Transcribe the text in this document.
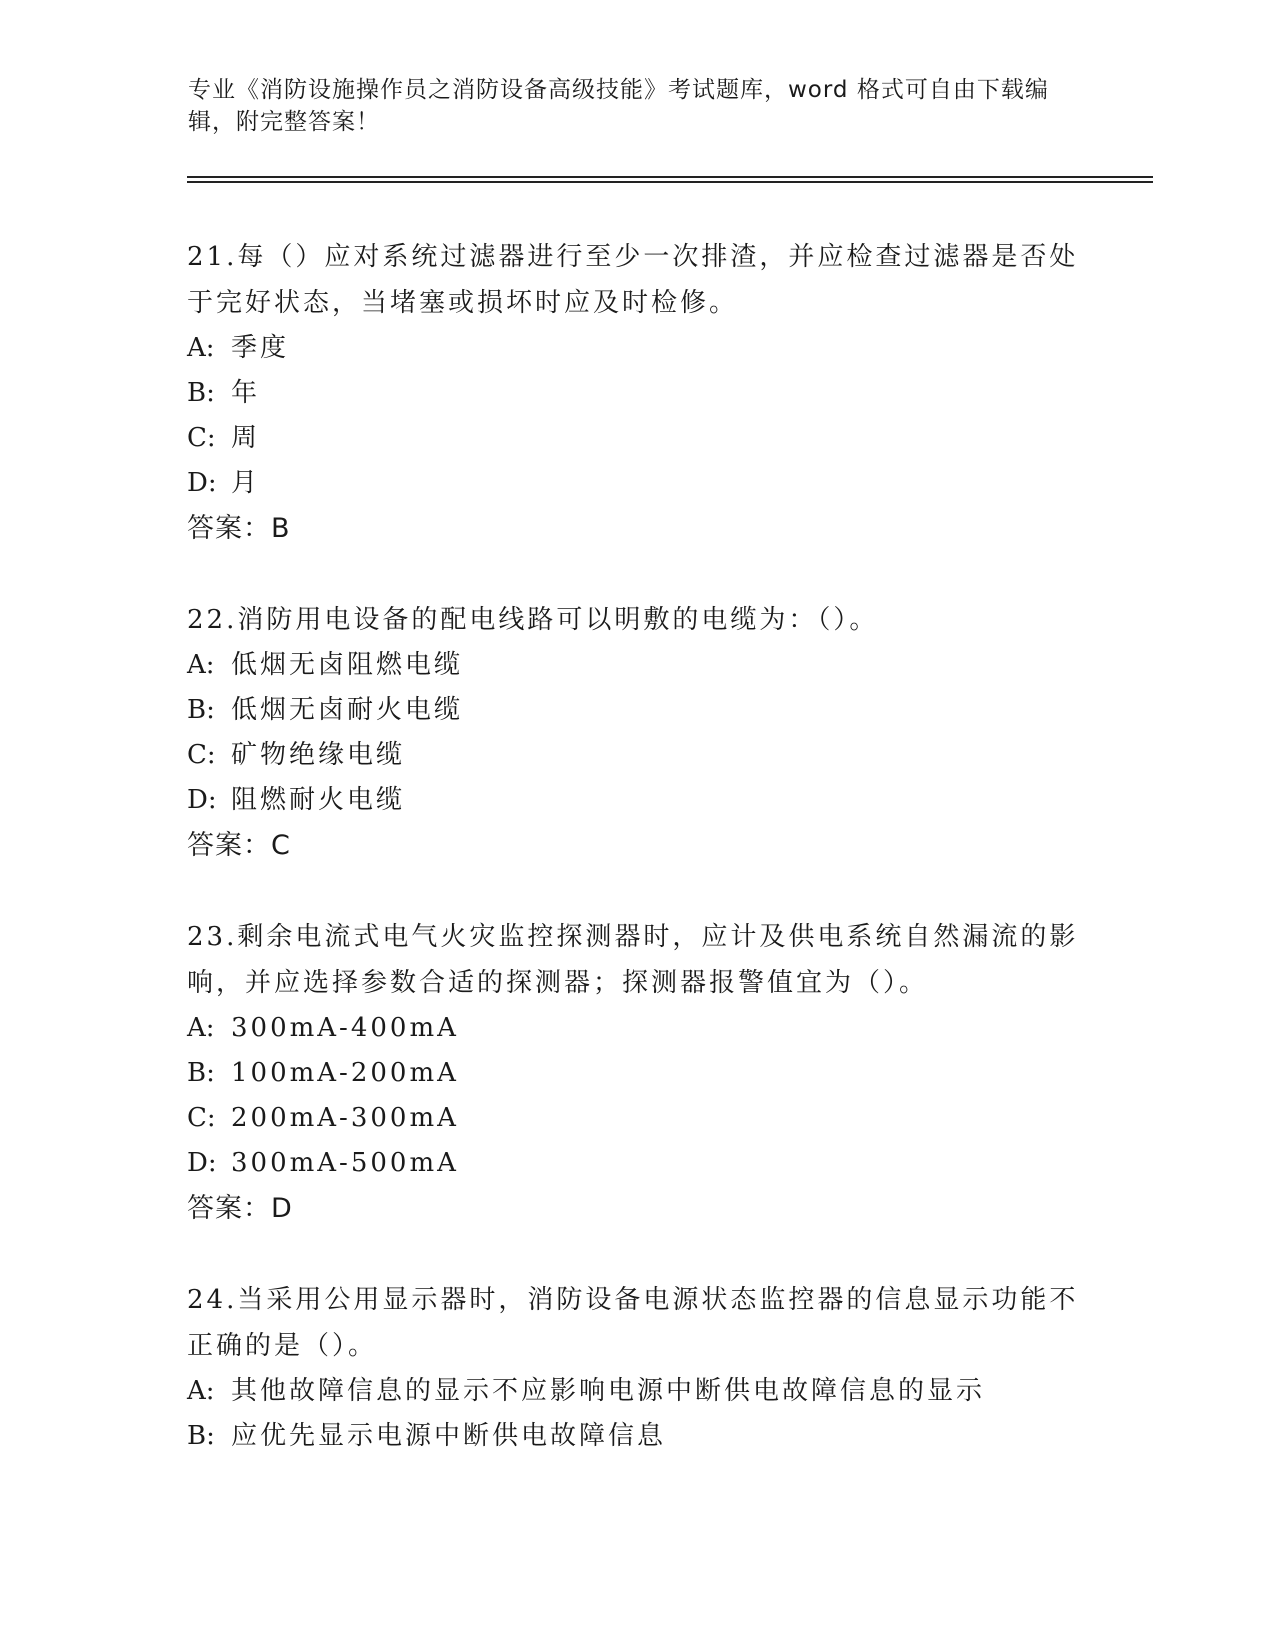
专业《消防设施操作员之消防设备高级技能》考试题库，word 格式可自由下载编辑，附完整答案！

21.每（）应对系统过滤器进行至少一次排渣，并应检查过滤器是否处于完好状态，当堵塞或损坏时应及时检修。

A: 季度

B: 年

C: 周

D: 月

答案：B

22.消防用电设备的配电线路可以明敷的电缆为：（）。

A: 低烟无卤阻燃电缆

B: 低烟无卤耐火电缆

C: 矿物绝缘电缆

D: 阻燃耐火电缆

答案：C

23.剩余电流式电气火灾监控探测器时，应计及供电系统自然漏流的影响，并应选择参数合适的探测器；探测器报警值宜为（）。

A: 300mA-400mA

B: 100mA-200mA

C: 200mA-300mA

D: 300mA-500mA

答案：D

24.当采用公用显示器时，消防设备电源状态监控器的信息显示功能不正确的是（）。

A: 其他故障信息的显示不应影响电源中断供电故障信息的显示

B: 应优先显示电源中断供电故障信息
